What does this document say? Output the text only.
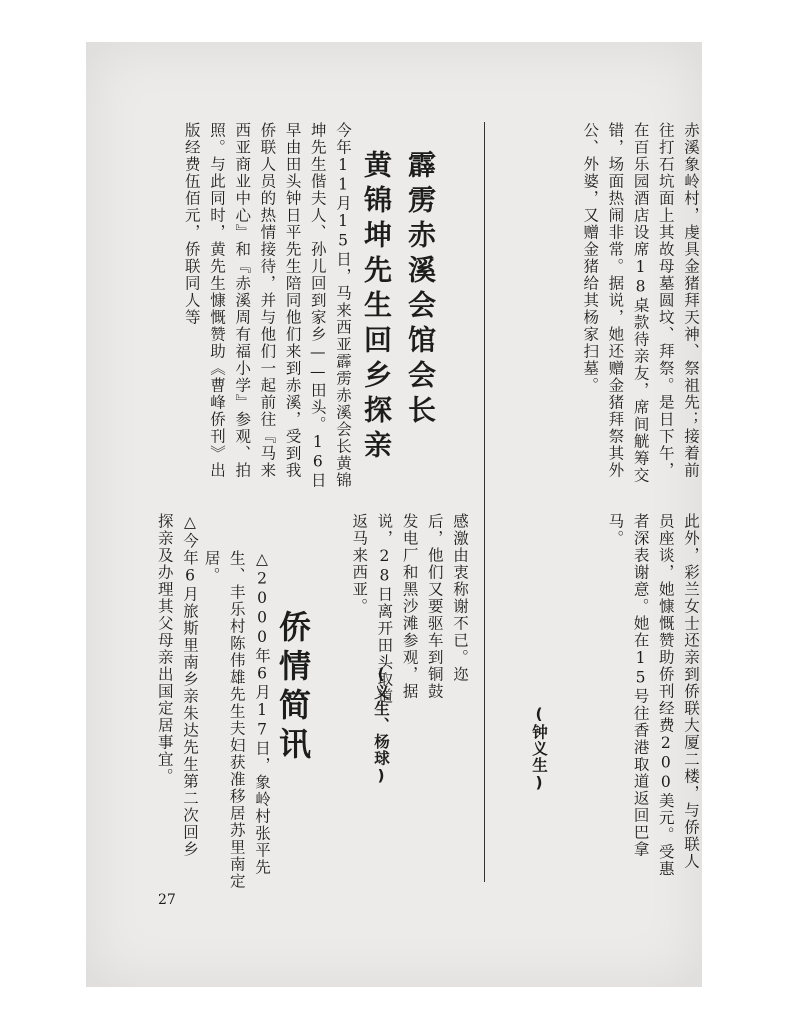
赤溪象岭村，虔具金猪拜天神、祭祖先；接着前往打石坑面上其故母墓圆坟、拜祭。是日下午，在百乐园酒店设席18桌款待亲友，席间觥筹交错，场面热闹非常。据说，她还赠金猪拜祭其外公、外婆，又赠金猪给其杨家扫墓。
霹雳赤溪会馆会长
黄锦坤先生回乡探亲
今年11月15日，马来西亚霹雳赤溪会长黄锦坤先生偕夫人、孙儿回到家乡——田头。16日早由田头钟日平先生陪同他们来到赤溪，受到我侨联人员的热情接待，并与他们一起前往『马来西亚商业中心』和『赤溪周有福小学』参观、拍照。与此同时，黄先生慷慨赞助《曹峰侨刊》出版经费伍佰元，侨联同人等
此外，彩兰女士还亲到侨联大厦二楼，与侨联人员座谈，她慷慨赞助侨刊经费200美元。受惠者深表谢意。她在15号往香港取道返回巴拿马。
(钟义生)
感激由衷称谢不已。迩后，他们又要驱车到铜鼓发电厂和黑沙滩参观，据说，28日离开田头取道返马来西亚。
(义生、杨球)
侨情简讯
△2000年6月17日，象岭村张平先生、丰乐村陈伟雄先生夫妇获准移居苏里南定居。
△今年6月旅斯里南乡亲朱达先生第二次回乡探亲及办理其父母亲出国定居事宜。
27
